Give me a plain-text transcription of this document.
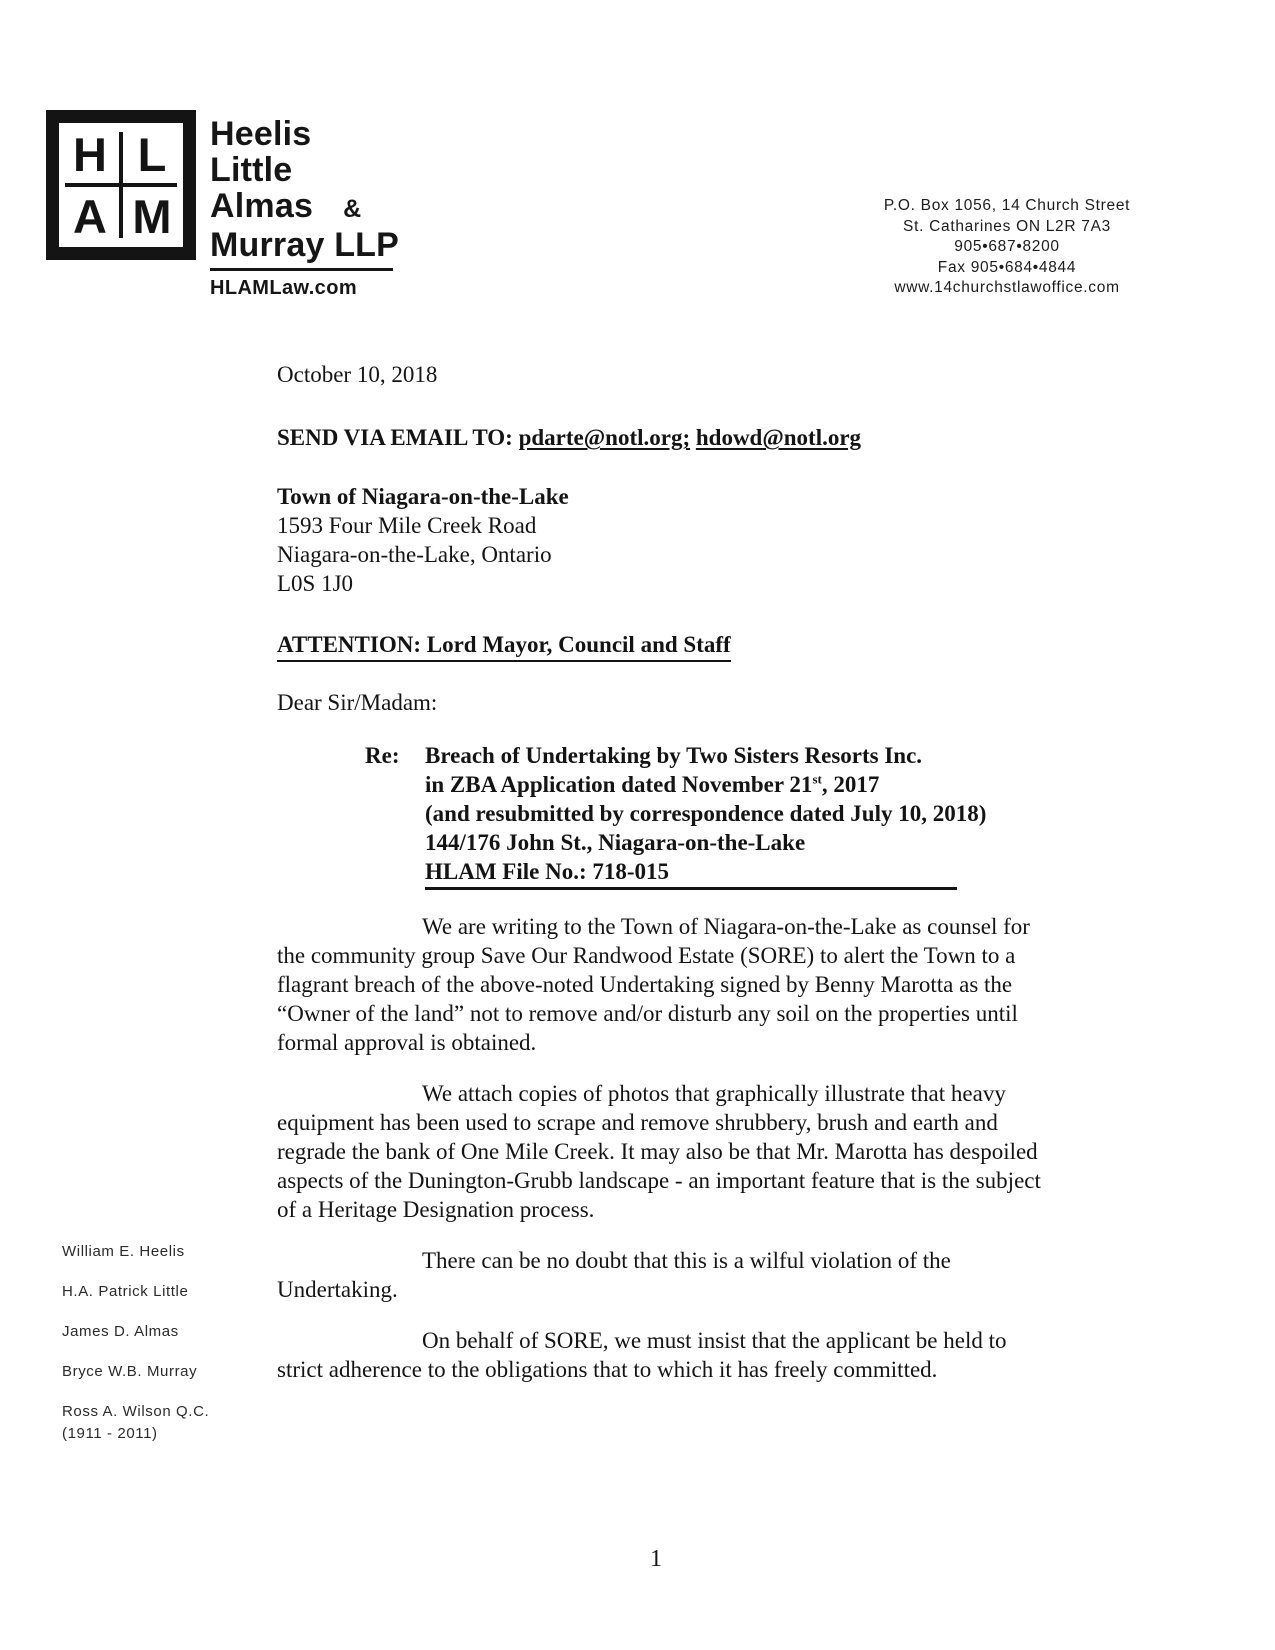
H L
A M
Heelis
Little
Almas &
Murray LLP
HLAMLaw.com
P.O. Box 1056, 14 Church Street
St. Catharines ON L2R 7A3
905•687•8200
Fax 905•684•4844
www.14churchstlawoffice.com
October 10, 2018
SEND VIA EMAIL TO: pdarte@notl.org; hdowd@notl.org
Town of Niagara-on-the-Lake
1593 Four Mile Creek Road
Niagara-on-the-Lake, Ontario
L0S 1J0
ATTENTION: Lord Mayor, Council and Staff
Dear Sir/Madam:
Re:	Breach of Undertaking by Two Sisters Resorts Inc.
in ZBA Application dated November 21st, 2017
(and resubmitted by correspondence dated July 10, 2018)
144/176 John St., Niagara-on-the-Lake
HLAM File No.: 718-015

We are writing to the Town of Niagara-on-the-Lake as counsel for the community group Save Our Randwood Estate (SORE) to alert the Town to a flagrant breach of the above-noted Undertaking signed by Benny Marotta as the “Owner of the land” not to remove and/or disturb any soil on the properties until formal approval is obtained.

We attach copies of photos that graphically illustrate that heavy equipment has been used to scrape and remove shrubbery, brush and earth and regrade the bank of One Mile Creek. It may also be that Mr. Marotta has despoiled aspects of the Dunington-Grubb landscape - an important feature that is the subject of a Heritage Designation process.

There can be no doubt that this is a wilful violation of the Undertaking.

On behalf of SORE, we must insist that the applicant be held to strict adherence to the obligations that to which it has freely committed.

William E. Heelis
H.A. Patrick Little
James D. Almas
Bryce W.B. Murray
Ross A. Wilson Q.C.
(1911 - 2011)
1
